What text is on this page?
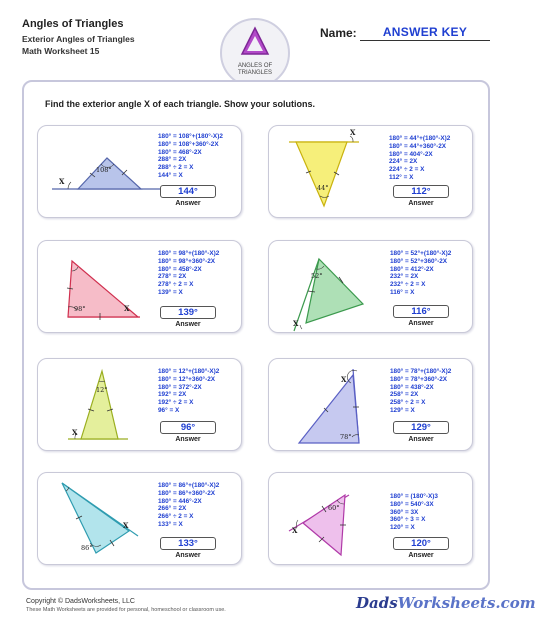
Angles of Triangles
Exterior Angles of Triangles
Math Worksheet 15
ANGLES OF
TRIANGLES
Name:	ANSWER KEY
Find the exterior angle X of each triangle. Show your solutions.
108°
X
180° = 108°+(180°-X)2
180° = 108°+360°-2X
180° = 468°-2X
288° = 2X
288° ÷ 2 = X
144° = X
144°
Answer
44°
X
180° = 44°+(180°-X)2
180° = 44°+360°-2X
180° = 404°-2X
224° = 2X
224° ÷ 2 = X
112° = X
112°
Answer
98°	X
180° = 98°+(180°-X)2
180° = 98°+360°-2X
180° = 458°-2X
278° = 2X
278° ÷ 2 = X
139° = X
139°
Answer
52°
X
180° = 52°+(180°-X)2
180° = 52°+360°-2X
180° = 412°-2X
232° = 2X
232° ÷ 2 = X
116° = X
116°
Answer
12°
X
180° = 12°+(180°-X)2
180° = 12°+360°-2X
180° = 372°-2X
192° = 2X
192° ÷ 2 = X
96° = X
96°
Answer	78°
X
180° = 78°+(180°-X)2
180° = 78°+360°-2X
180° = 438°-2X
258° = 2X
258° ÷ 2 = X
129° = X
129°
Answer
86°
X
180° = 86°+(180°-X)2
180° = 86°+360°-2X
180° = 446°-2X
266° = 2X
266° ÷ 2 = X
133° = X
133°
Answer
60°
X
180° = (180°-X)3
180° = 540°-3X
360° = 3X
360° ÷ 3 = X
120° = X
120°
Answer
Copyright © DadsWorksheets, LLC
These Math Worksheets are provided for personal, homeschool or classroom use.	DadsWorksheets.com
